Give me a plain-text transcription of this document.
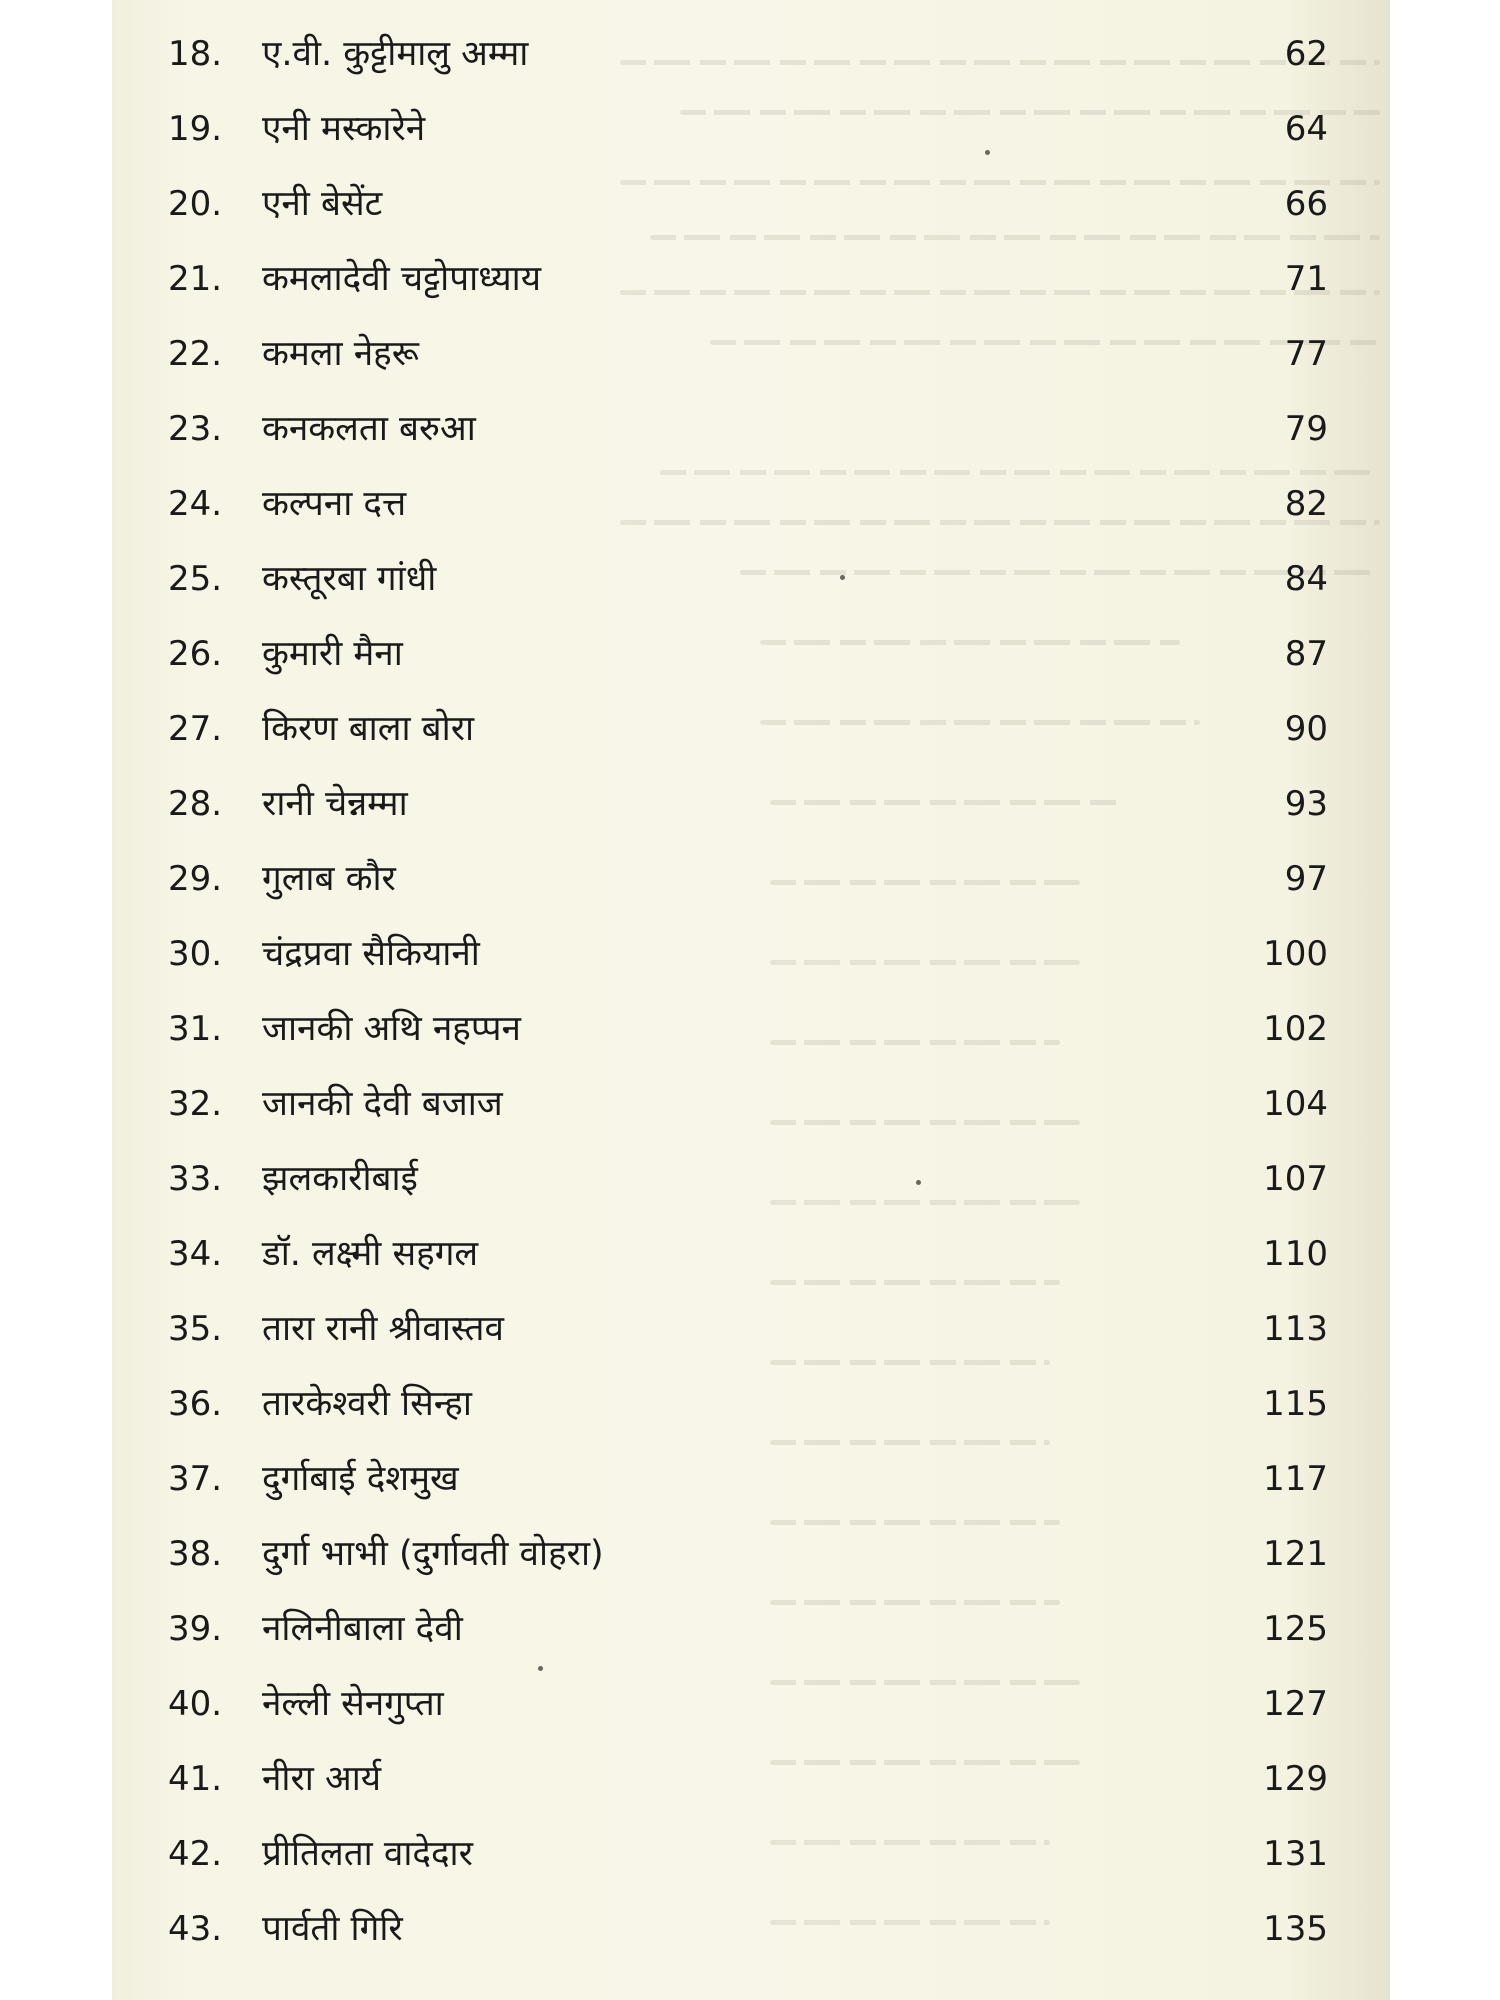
18. ए.वी. कुट्टीमालु अम्मा	62
19. एनी मस्कारेने	64
20. एनी बेसेंट	66
21. कमलादेवी चट्टोपाध्याय	71
22. कमला नेहरू	77
23. कनकलता बरुआ	79
24. कल्पना दत्त	82
25. कस्तूरबा गांधी	84
26. कुमारी मैना	87
27. किरण बाला बोरा	90
28. रानी चेन्नम्मा	93
29. गुलाब कौर	97
30. चंद्रप्रवा सैकियानी	100
31. जानकी अथि नहप्पन	102
32. जानकी देवी बजाज	104
33. झलकारीबाई	107
34. डॉ. लक्ष्मी सहगल	110
35. तारा रानी श्रीवास्तव	113
36. तारकेश्वरी सिन्हा	115
37. दुर्गाबाई देशमुख	117
38. दुर्गा भाभी (दुर्गावती वोहरा)	121
39. नलिनीबाला देवी	125
40. नेल्ली सेनगुप्ता	127
41. नीरा आर्य	129
42. प्रीतिलता वादेदार	131
43. पार्वती गिरि	135
